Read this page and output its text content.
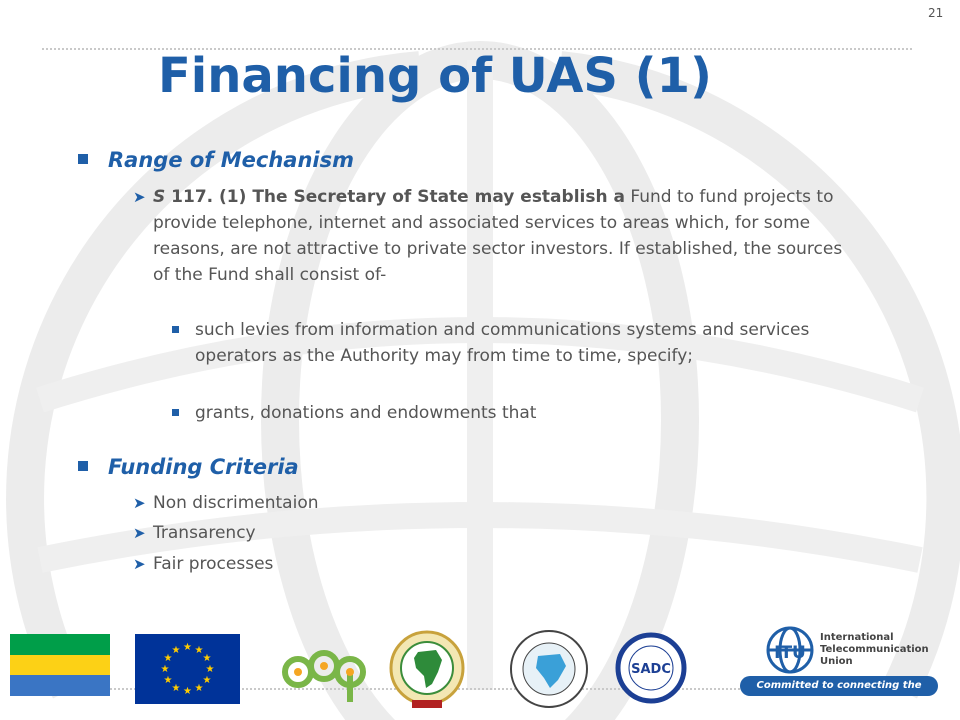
21
Financing of UAS (1)
Range of Mechanism
➤ S 117. (1) The Secretary of State may establish a Fund to fund projects to provide telephone, internet and associated services to areas which, for some reasons, are not attractive to private sector investors. If established, the sources of the Fund shall consist of-
such levies from information and communications systems and services operators as the Authority may from time to time, specify;
grants, donations and endowments that
Funding Criteria
➤ Non discrimentaion
➤ Transarency
➤ Fair processes
★ ★
★
★
★
★
★
★
★
★
★
★
SADC
ITU
International
Telecommunication
Union
Committed to connecting the world
